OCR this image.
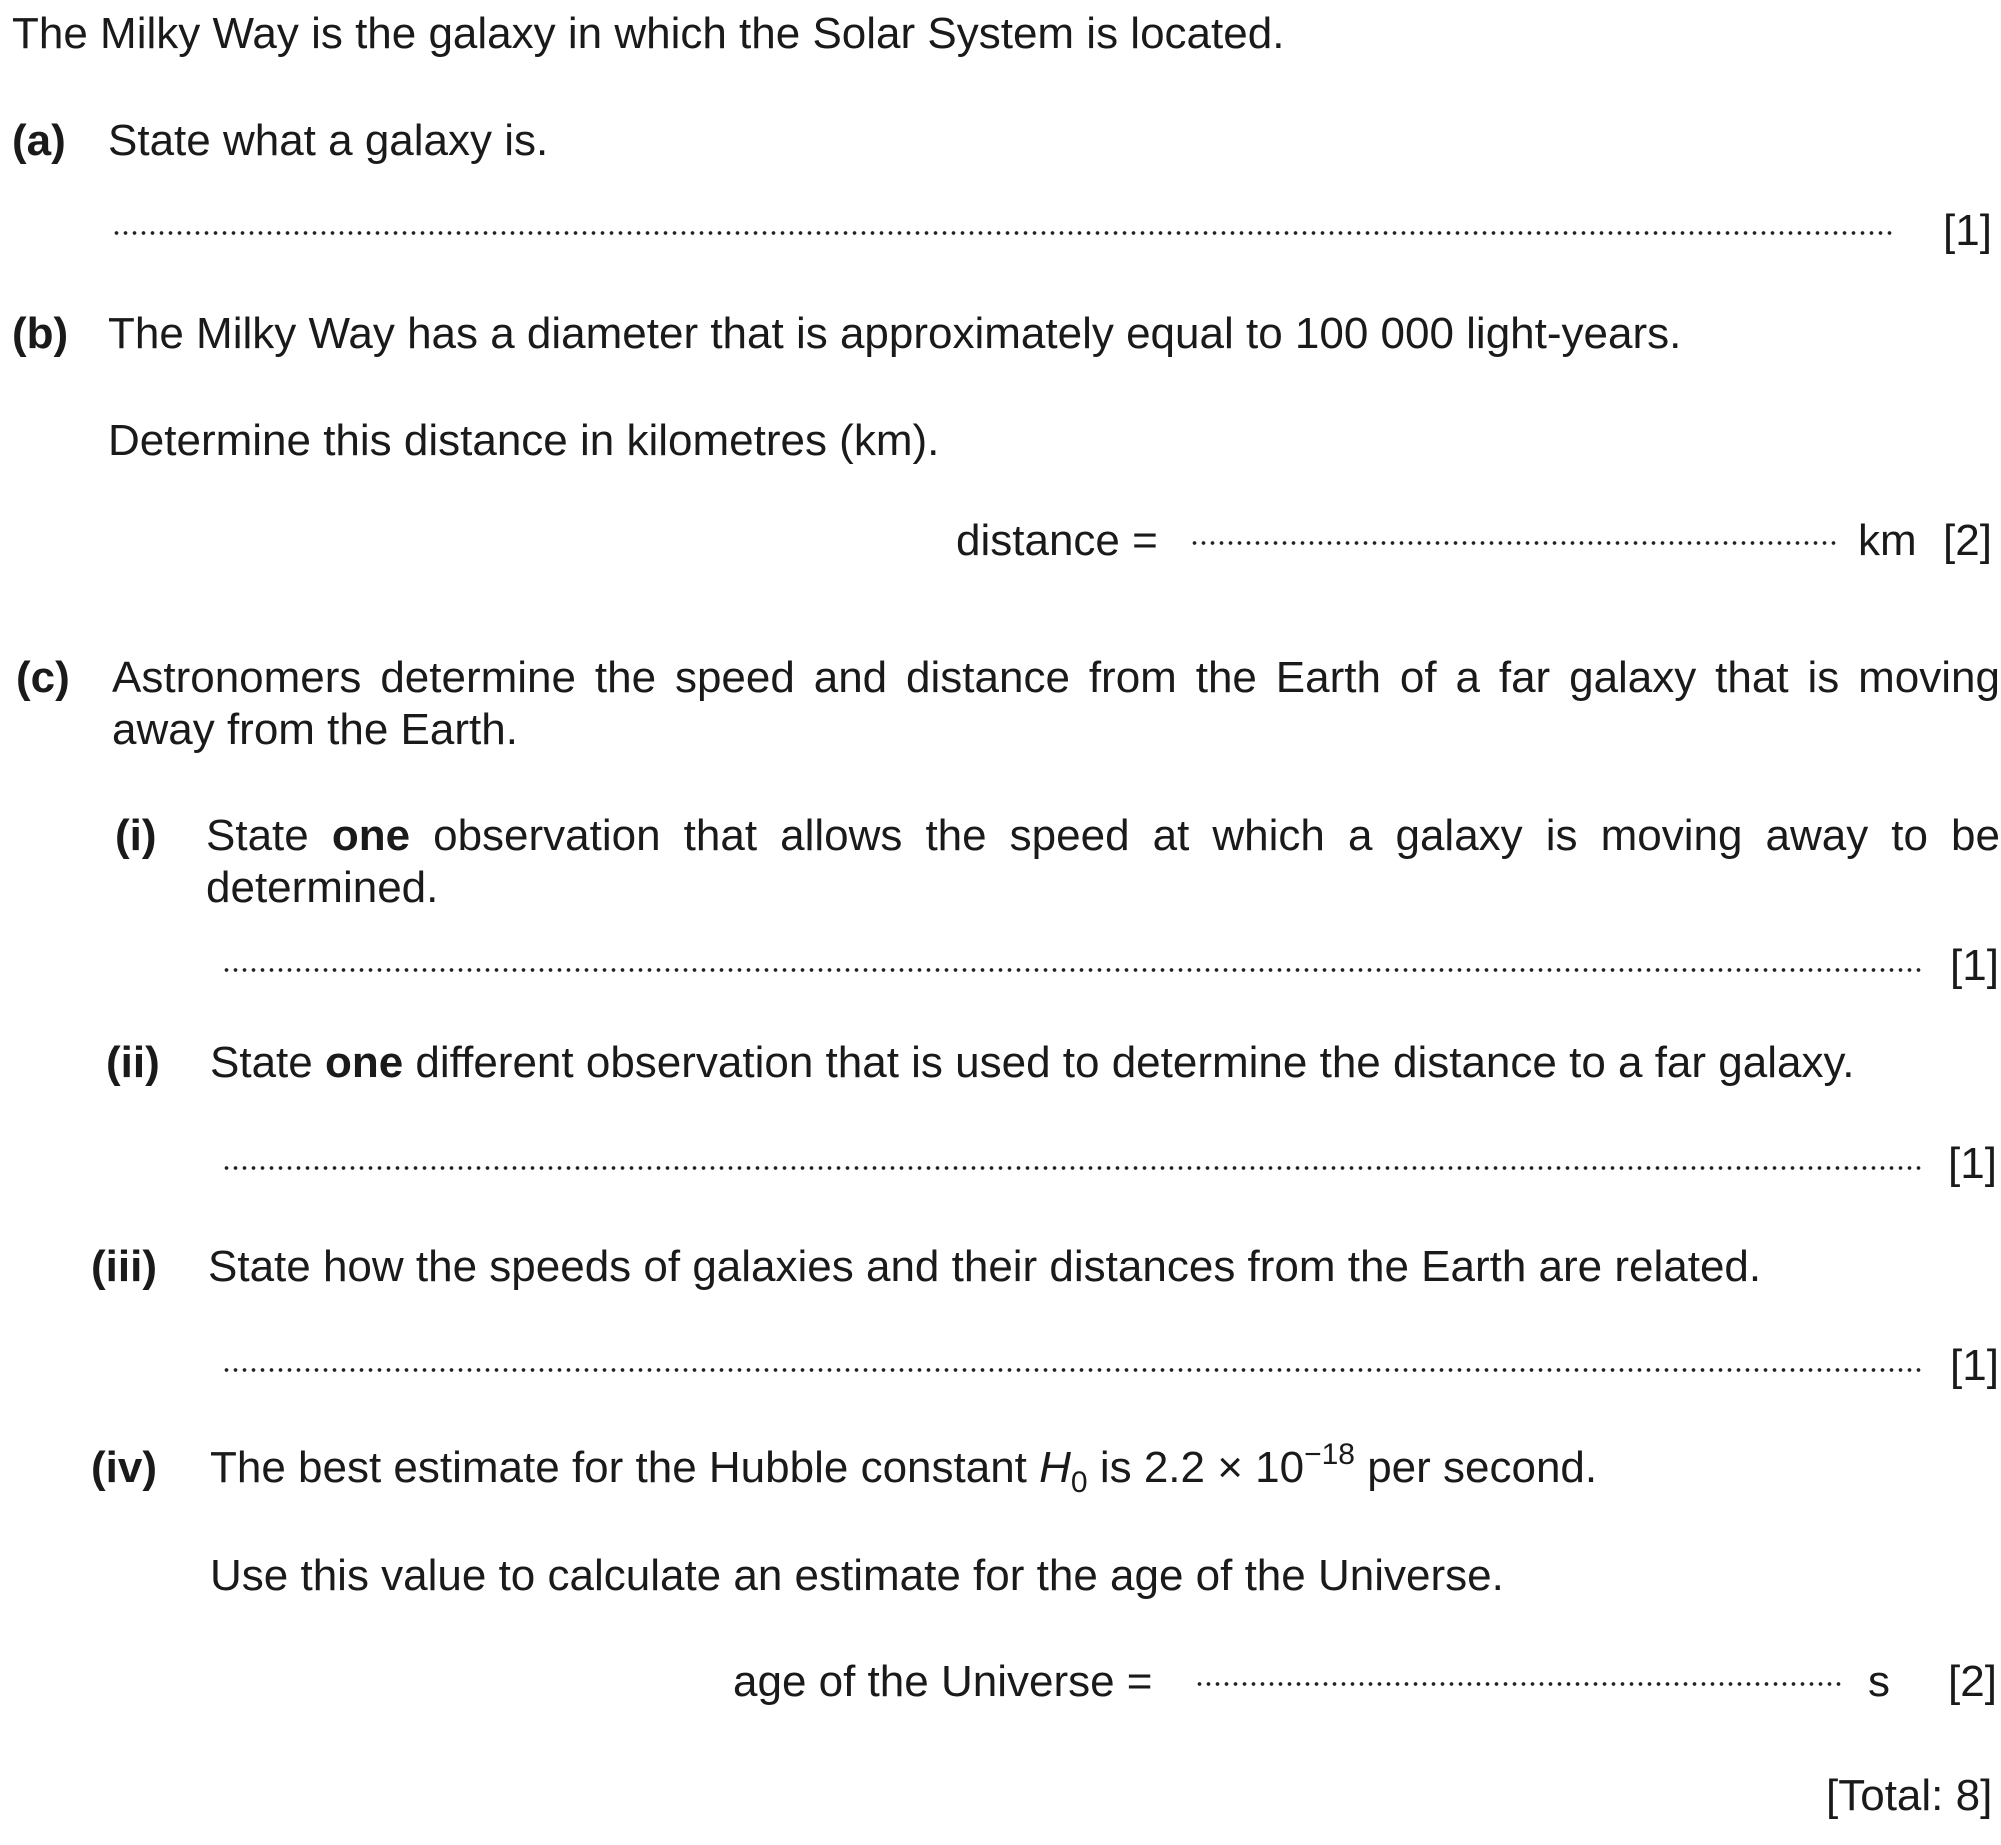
The Milky Way is the galaxy in which the Solar System is located.
(a) State what a galaxy is.
[1]
(b) The Milky Way has a diameter that is approximately equal to 100 000 light-years.
Determine this distance in kilometres (km).
distance =	km [2]
(c) Astronomers determine the speed and distance from the Earth of a far galaxy that is moving away from the Earth.
(i) State one observation that allows the speed at which a galaxy is moving away to be determined.
[1]
(ii) State one different observation that is used to determine the distance to a far galaxy.
[1]
(iii) State how the speeds of galaxies and their distances from the Earth are related.
[1]
(iv) The best estimate for the Hubble constant $H_0$ is $2.2 \times 10^{-18}$ per second.
Use this value to calculate an estimate for the age of the Universe.
age of the Universe =	s [2]
[Total: 8]
